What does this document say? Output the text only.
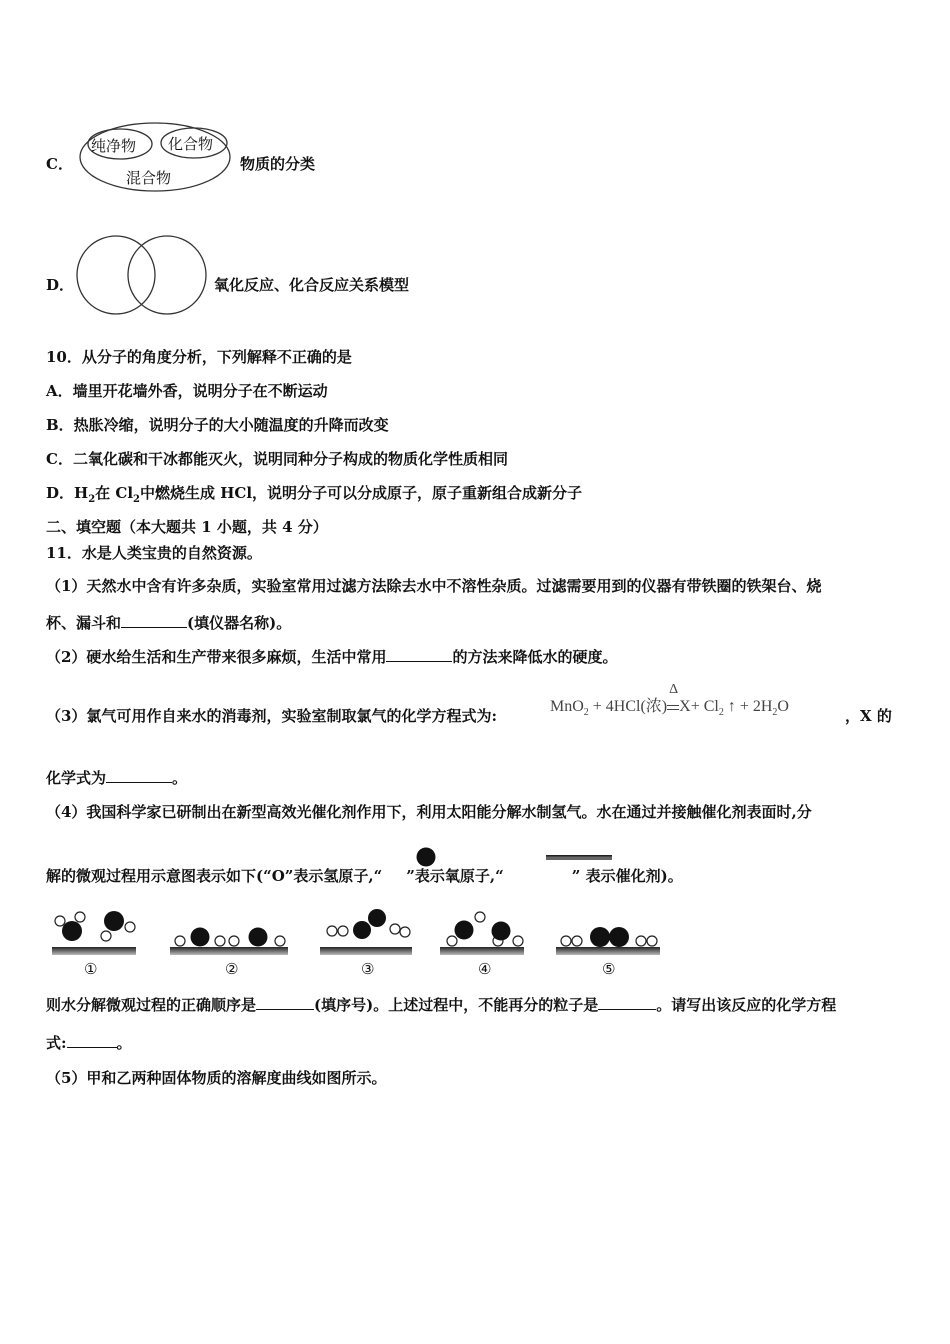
C．
纯净物 化合物
混合物
物质的分类
D．	氧化反应、化合反应关系模型
10．从分子的角度分析，下列解释不正确的是
A．墙里开花墙外香，说明分子在不断运动
B．热胀冷缩，说明分子的大小随温度的升降而改变
C．二氧化碳和干冰都能灭火，说明同种分子构成的物质化学性质相同
D．$H_2$在 $Cl_2$中燃烧生成 HCl，说明分子可以分成原子，原子重新组合成新分子
二、填空题（本大题共 1 小题，共 4 分）
11．水是人类宝贵的自然资源。
（1）天然水中含有许多杂质，实验室常用过滤方法除去水中不溶性杂质。过滤需要用到的仪器有带铁圈的铁架台、烧
杯、漏斗和	(填仪器名称)。
（2）硬水给生活和生产带来很多麻烦，生活中常用	的方法来降低水的硬度。
（3）氯气可用作自来水的消毒剂，实验室制取氯气的化学方程式为:
MnO$_2$ + 4HCl(浓)
Δ
$X+ Cl_2$ ↑ + $2H_2O$
，X 的
化学式为	。
（4）我国科学家已研制出在新型高效光催化剂作用下，利用太阳能分解水制氢气。水在通过并接触催化剂表面时,分
解的微观过程用示意图表示如下(“O”表示氢原子,“ ”表示氧原子,“	” 表示催化剂)。
①	②	③	④	⑤
则水分解微观过程的正确顺序是	(填序号)。上述过程中，不能再分的粒子是	。请写出该反应的化学方程
式:	。
（5）甲和乙两种固体物质的溶解度曲线如图所示。
